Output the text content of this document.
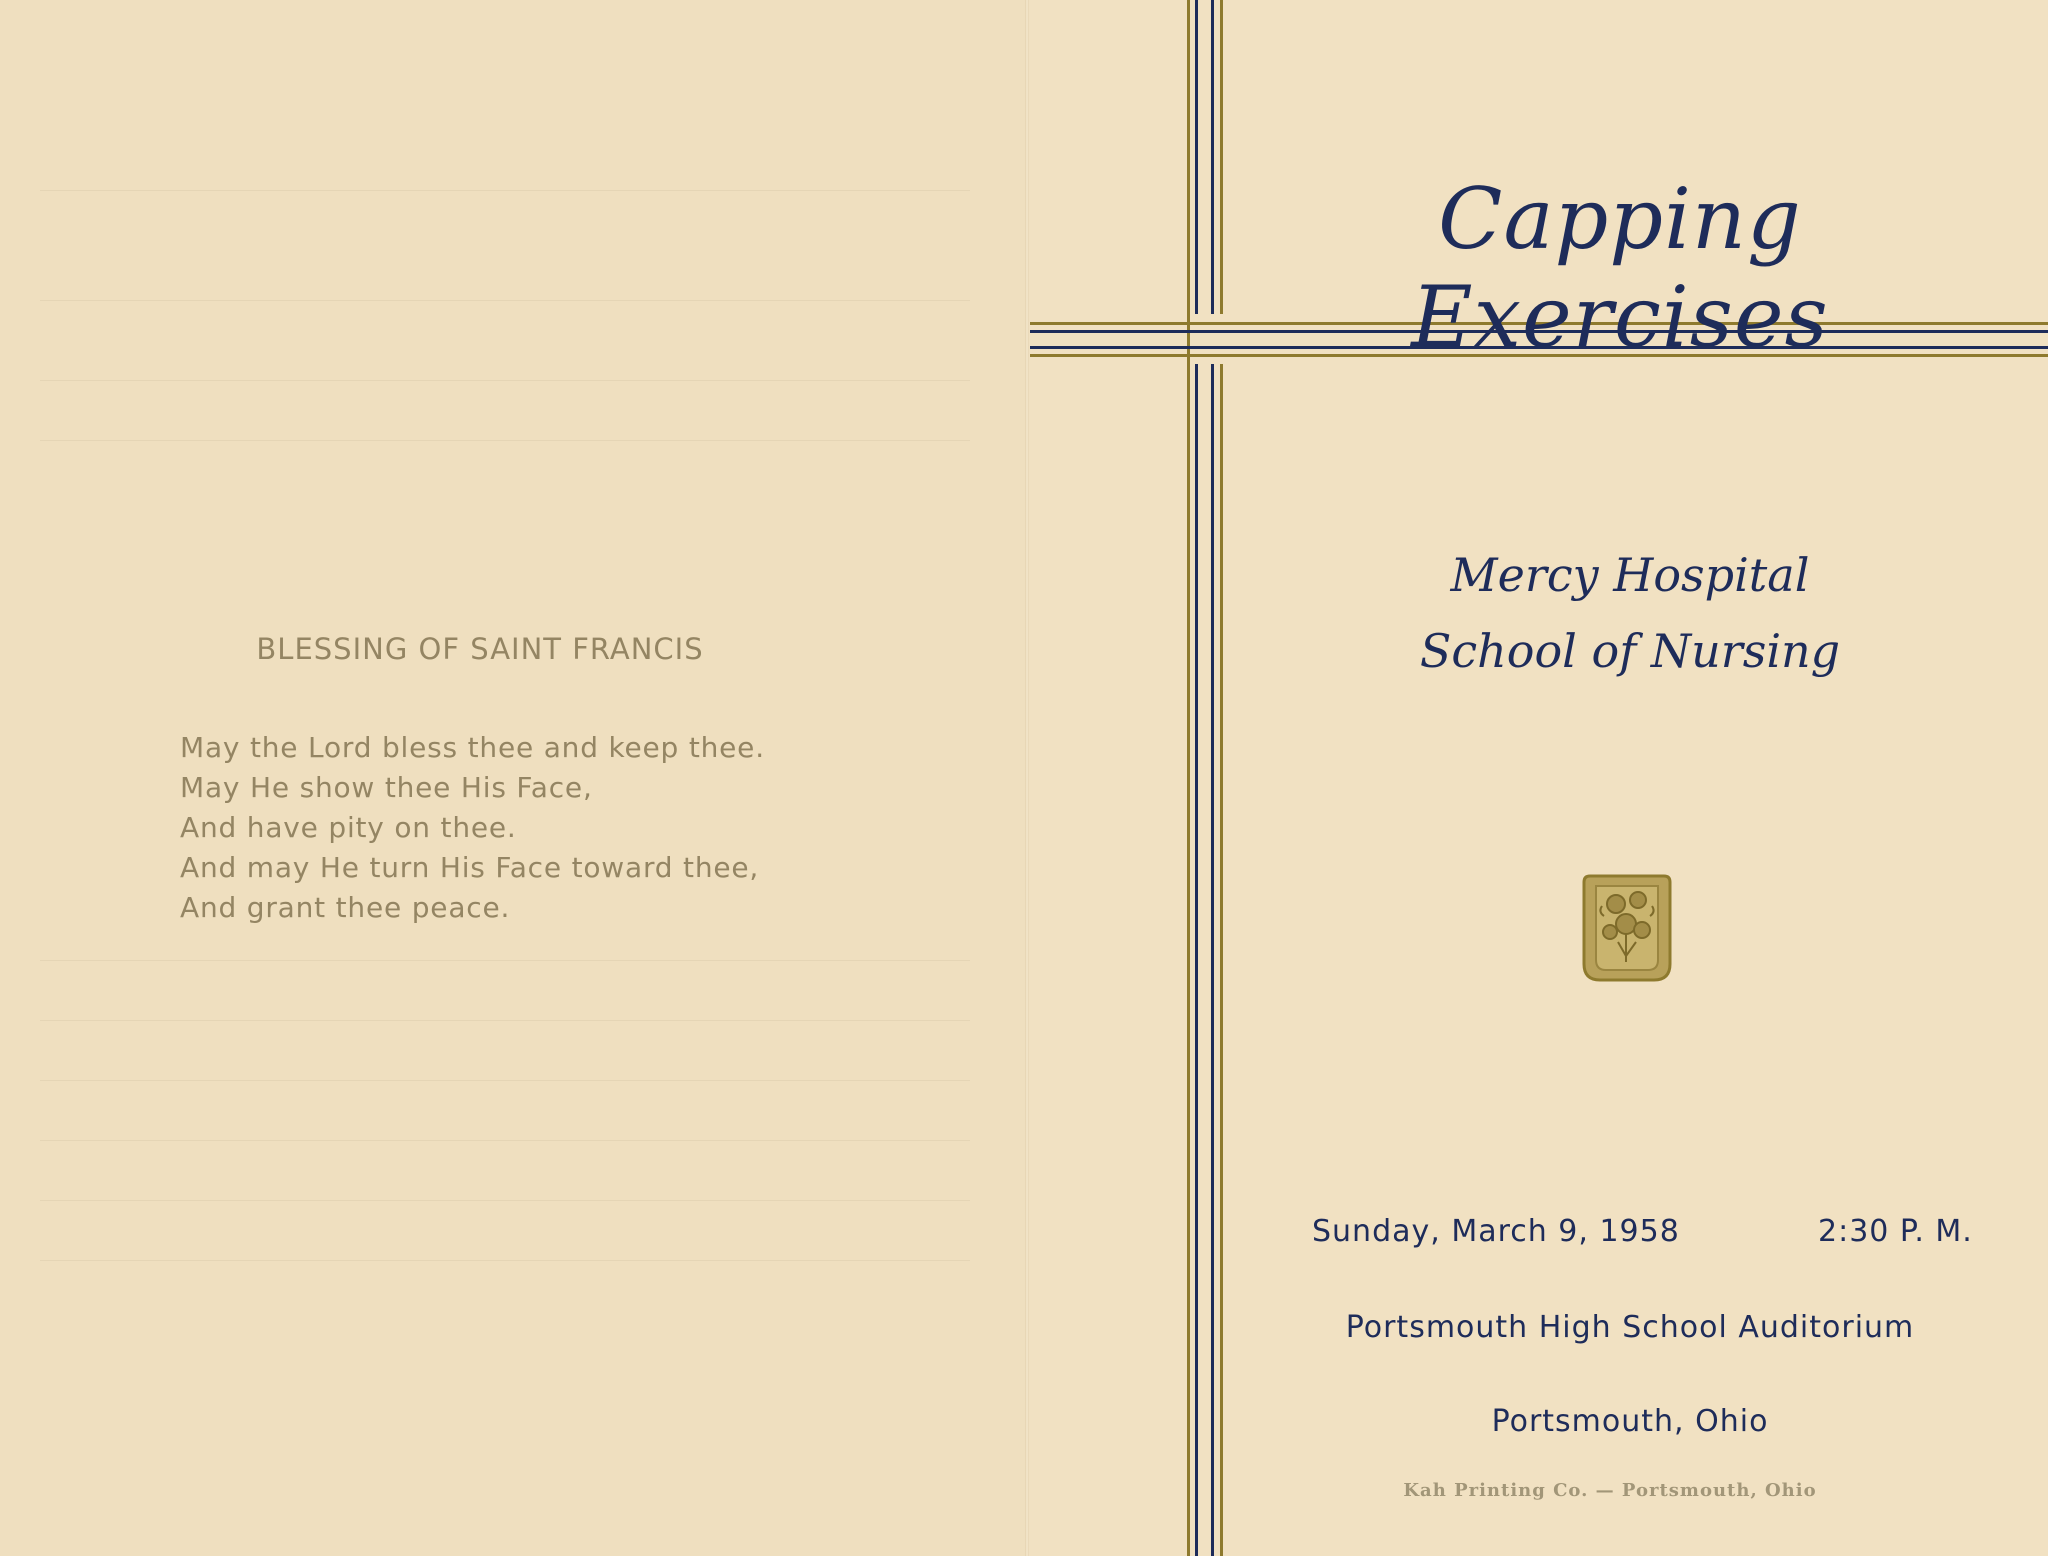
BLESSING OF SAINT FRANCIS
May the Lord bless thee and keep thee.
May He show thee His Face,
And have pity on thee.
And may He turn His Face toward thee,
And grant thee peace.
Capping Exercises
Mercy Hospital
School of Nursing
Sunday, March 9, 1958	2:30 P. M.
Portsmouth High School Auditorium
Portsmouth, Ohio
Kah Printing Co. — Portsmouth, Ohio
